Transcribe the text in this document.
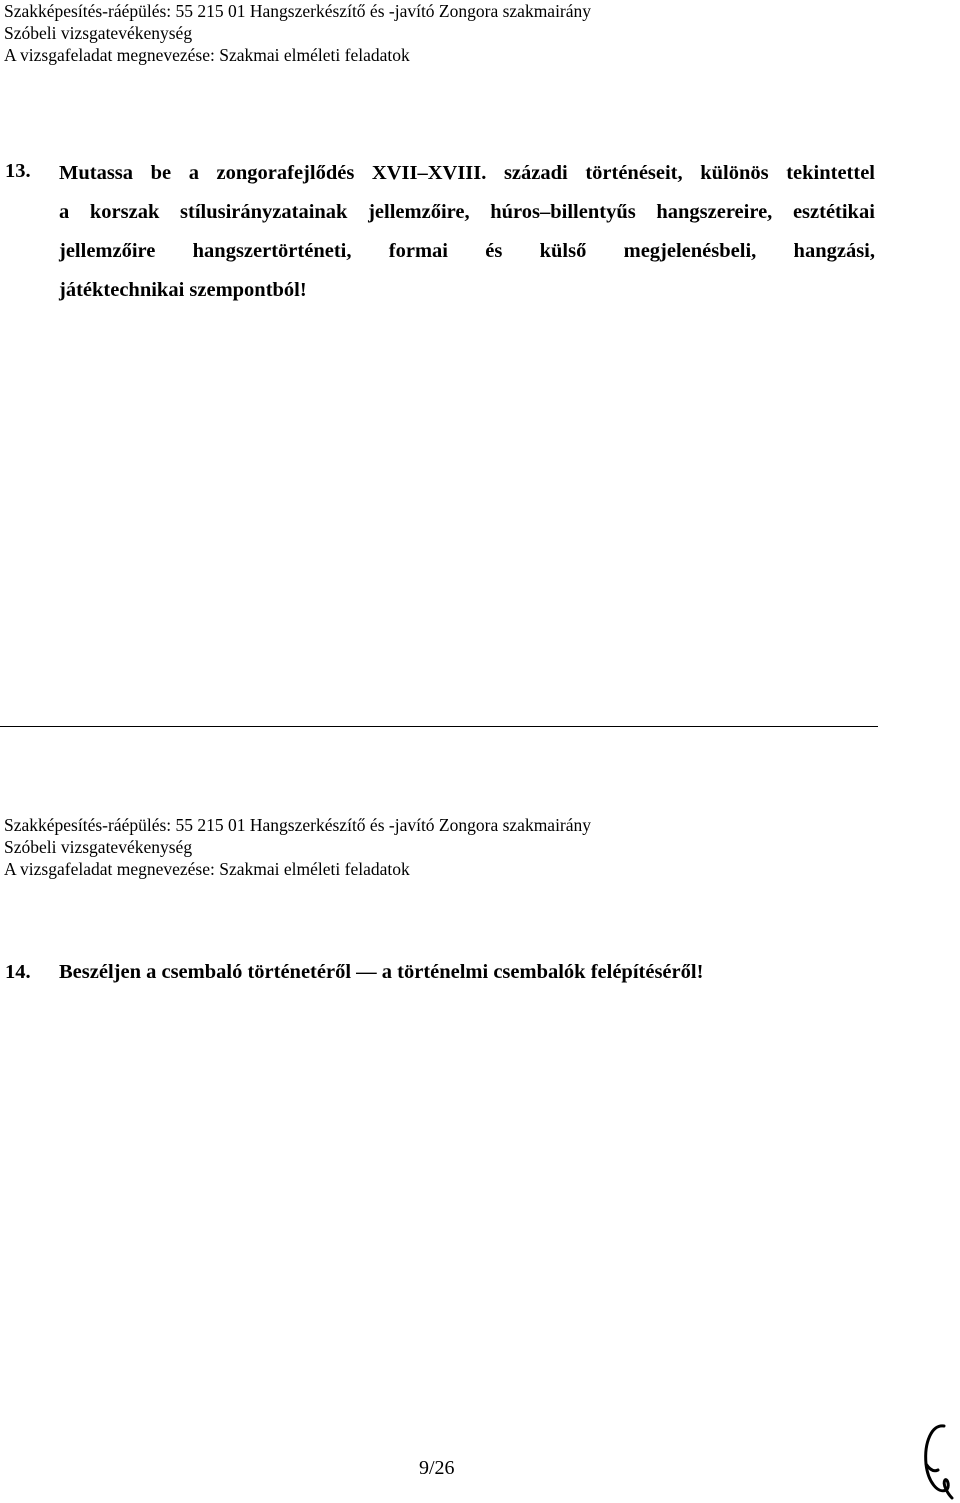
Szakképesítés-ráépülés: 55 215 01 Hangszerkészítő és -javító Zongora szakmairány
Szóbeli vizsgatevékenység
A vizsgafeladat megnevezése: Szakmai elméleti feladatok
13. Mutassa be a zongorafejlődés XVII–XVIII. századi történéseit, különös tekintettel
a korszak stílusirányzatainak jellemzőire, húros–billentyűs hangszereire, esztétikai
jellemzőire hangszertörténeti, formai és külső megjelenésbeli, hangzási,
játéktechnikai szempontból!
Szakképesítés-ráépülés: 55 215 01 Hangszerkészítő és -javító Zongora szakmairány
Szóbeli vizsgatevékenység
A vizsgafeladat megnevezése: Szakmai elméleti feladatok
14. Beszéljen a csembaló történetéről — a történelmi csembalók felépítéséről!
9/26
